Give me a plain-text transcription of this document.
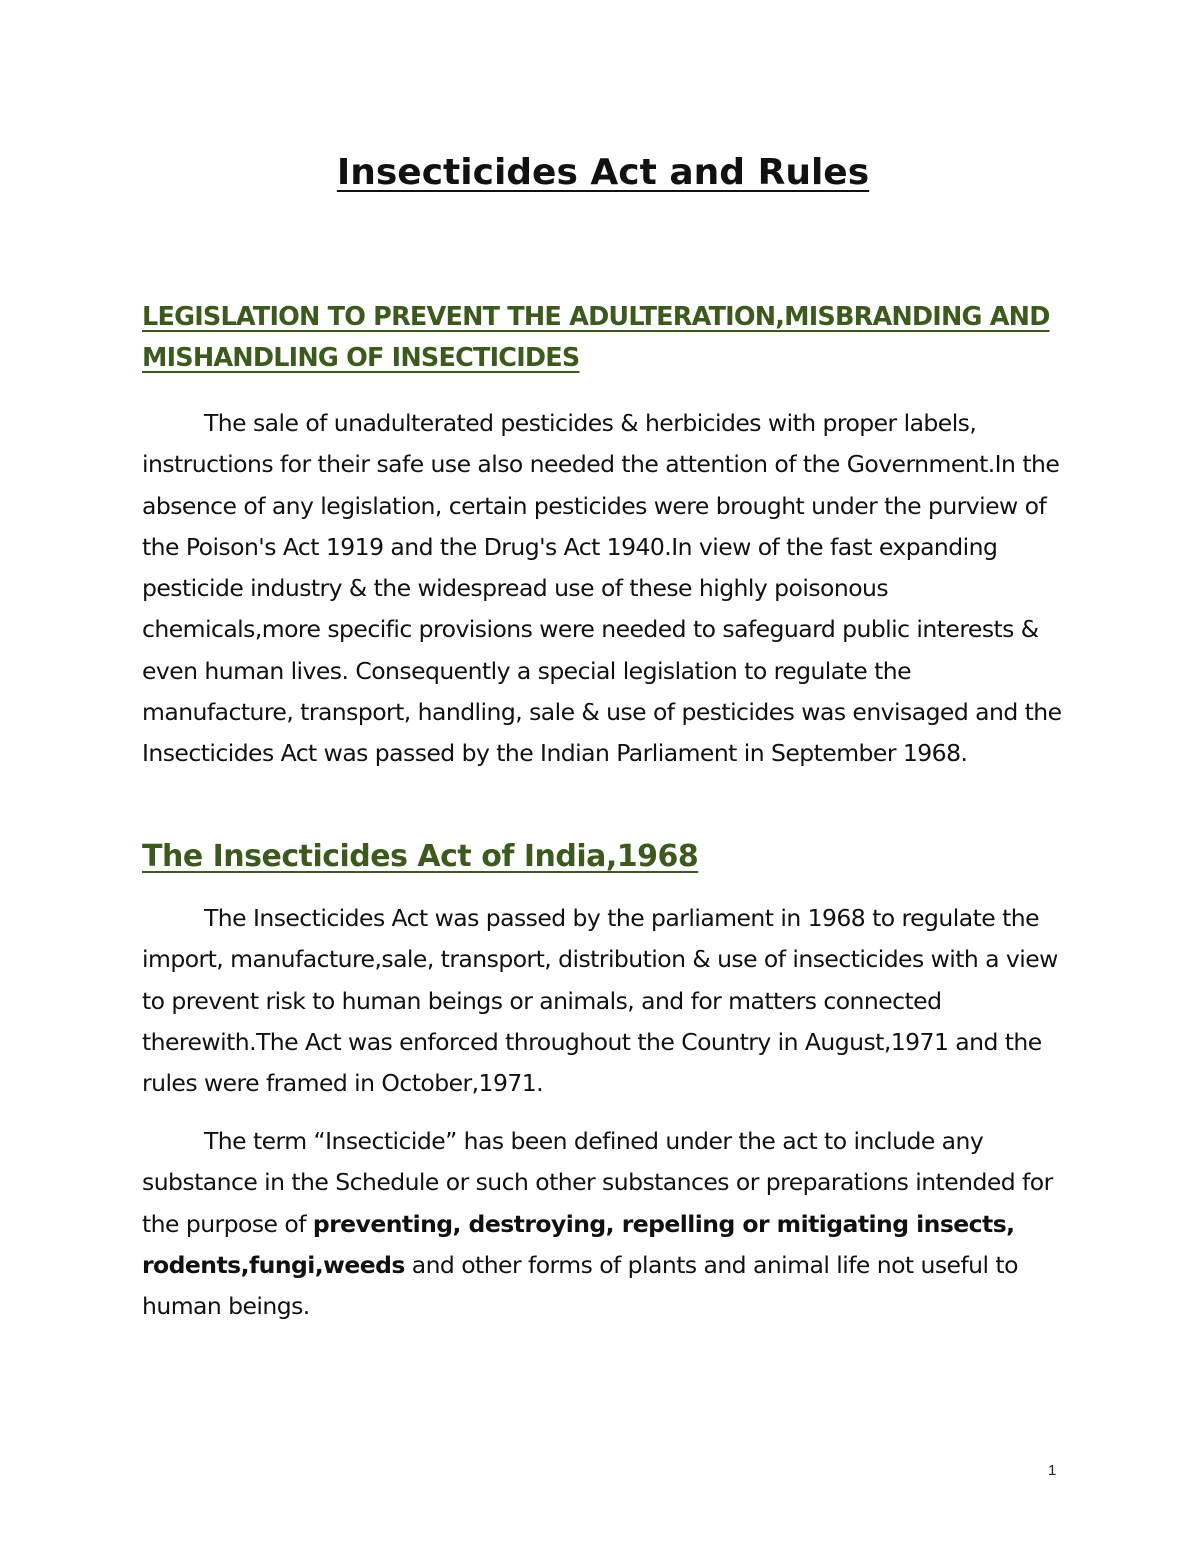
Insecticides Act and Rules
LEGISLATION TO PREVENT THE ADULTERATION,MISBRANDING AND MISHANDLING OF INSECTICIDES

The sale of unadulterated pesticides & herbicides with proper labels, instructions for their safe use also needed the attention of the Government.In the absence of any legislation, certain pesticides were brought under the purview of the Poison's Act 1919 and the Drug's Act 1940.In view of the fast expanding pesticide industry & the widespread use of these highly poisonous chemicals,more specific provisions were needed to safeguard public interests & even human lives. Consequently a special legislation to regulate the manufacture, transport, handling, sale & use of pesticides was envisaged and the Insecticides Act was passed by the Indian Parliament in September 1968.

The Insecticides Act of India,1968

The Insecticides Act was passed by the parliament in 1968 to regulate the import, manufacture,sale, transport, distribution & use of insecticides with a view to prevent risk to human beings or animals, and for matters connected therewith.The Act was enforced throughout the Country in August,1971 and the rules were framed in October,1971.

The term “Insecticide” has been defined under the act to include any substance in the Schedule or such other substances or preparations intended for the purpose of preventing, destroying, repelling or mitigating insects, rodents,fungi,weeds and other forms of plants and animal life not useful to human beings.

1
